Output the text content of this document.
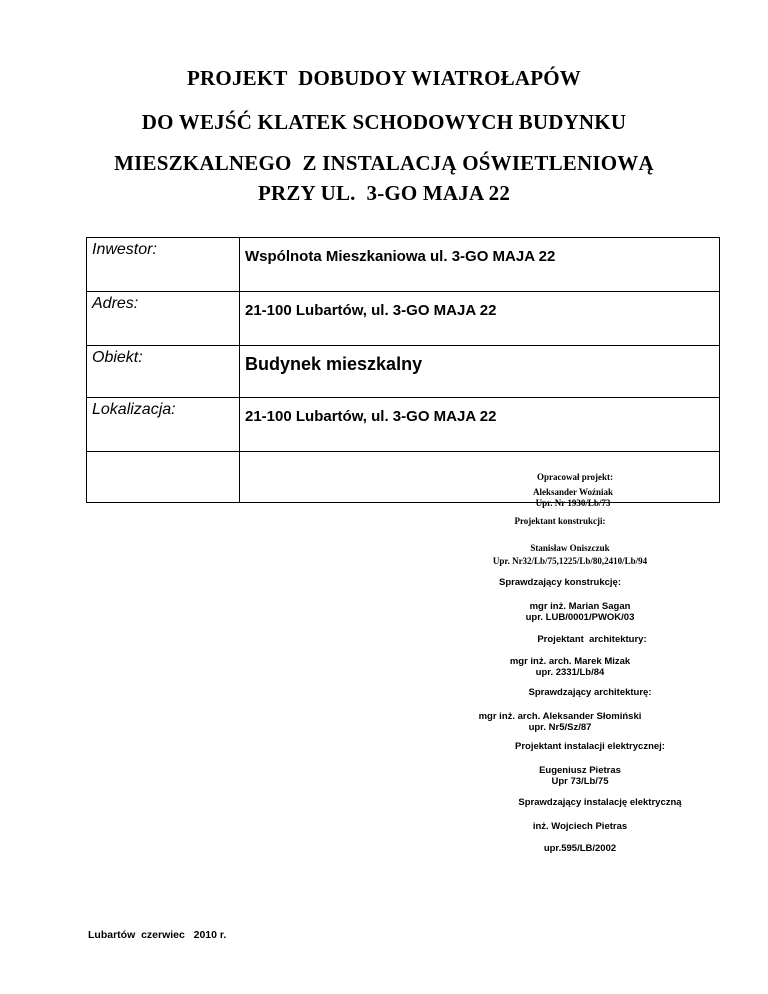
PROJEKT  DOBUDOY WIATROŁAPÓW
DO WEJŚĆ KLATEK SCHODOWYCH BUDYNKU
MIESZKALNEGO  Z INSTALACJĄ OŚWIETLENIOWĄ
PRZY UL.  3-GO MAJA 22
Inwestor:	Wspólnota Mieszkaniowa ul. 3-GO MAJA 22
Adres:	21-100 Lubartów, ul. 3-GO MAJA 22
Obiekt:	Budynek mieszkalny
Lokalizacja:	21-100 Lubartów, ul. 3-GO MAJA 22

Opracował projekt:
Aleksander Woźniak
Upr. Nr 1930/Lb/73
Projektant konstrukcji:
Stanisław Oniszczuk
Upr. Nr32/Lb/75,1225/Lb/80,2410/Lb/94
Sprawdzający konstrukcję:
mgr inż. Marian Sagan
upr. LUB/0001/PWOK/03
Projektant  architektury:
mgr inż. arch. Marek Mizak
upr. 2331/Lb/84
Sprawdzający architekturę:
mgr inż. arch. Aleksander Słomiński
upr. Nr5/Sz/87
Projektant instalacji elektrycznej:
Eugeniusz Pietras
Upr 73/Lb/75
Sprawdzający instalację elektryczną
inż. Wojciech Pietras
upr.595/LB/2002
Lubartów  czerwiec   2010 r.
